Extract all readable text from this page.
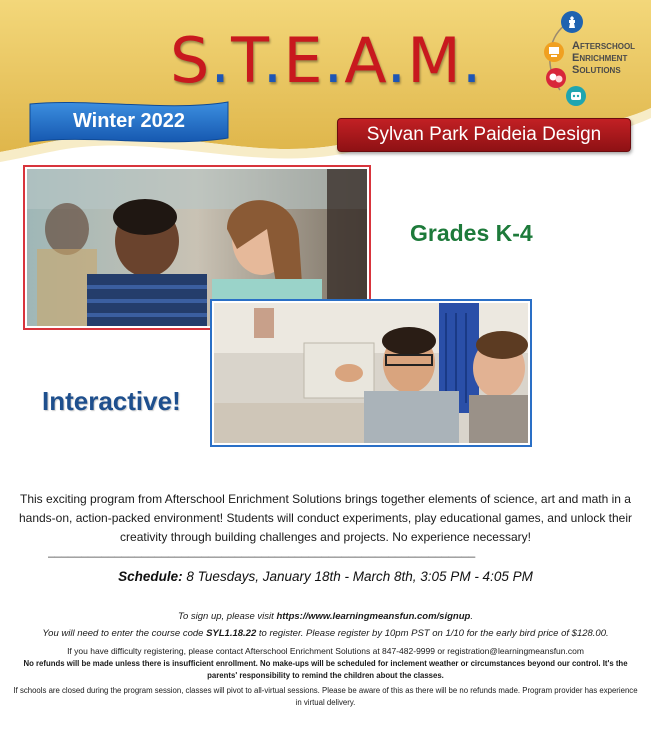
S.T.E.A.M.	Afterschool
Enrichment
Solutions
Winter 2022
Sylvan Park Paideia Design
Grades K-4
Interactive!
This exciting program from Afterschool Enrichment Solutions brings together elements of science, art and math in a hands-on, action-packed environment! Students will conduct experiments, play educational games, and unlock their creativity through building challenges and projects. No experience necessary!
________________________________________________________________
Schedule: 8 Tuesdays, January 18th - March 8th, 3:05 PM - 4:05 PM
To sign up, please visit https://www.learningmeansfun.com/signup.
You will need to enter the course code SYL1.18.22 to register. Please register by 10pm PST on 1/10 for the early bird price of $128.00.
If you have difficulty registering, please contact Afterschool Enrichment Solutions at 847-482-9999 or registration@learningmeansfun.com
No refunds will be made unless there is insufficient enrollment. No make-ups will be scheduled for inclement weather or circumstances beyond our control. It's the parents' responsibility to remind the children about the classes.
If schools are closed during the program session, classes will pivot to all-virtual sessions. Please be aware of this as there will be no refunds made. Program provider has experience in virtual delivery.
